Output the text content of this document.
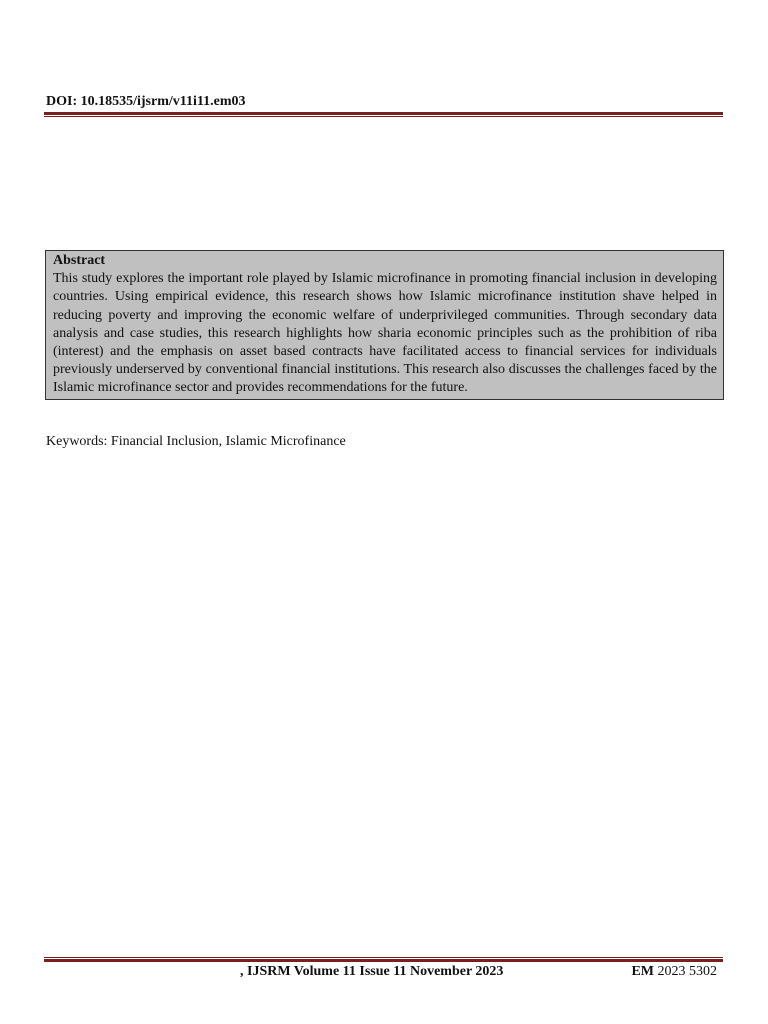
DOI: 10.18535/ijsrm/v11i11.em03
Abstract

This study explores the important role played by Islamic microfinance in promoting financial inclusion in developing countries. Using empirical evidence, this research shows how Islamic microfinance institution shave helped in reducing poverty and improving the economic welfare of underprivileged communities. Through secondary data analysis and case studies, this research highlights how sharia economic principles such as the prohibition of riba (interest) and the emphasis on asset based contracts have facilitated access to financial services for individuals previously underserved by conventional financial institutions. This research also discusses the challenges faced by the Islamic microfinance sector and provides recommendations for the future.

Keywords: Financial Inclusion, Islamic Microfinance
, IJSRM Volume 11 Issue 11 November 2023	EM 2023 5302
